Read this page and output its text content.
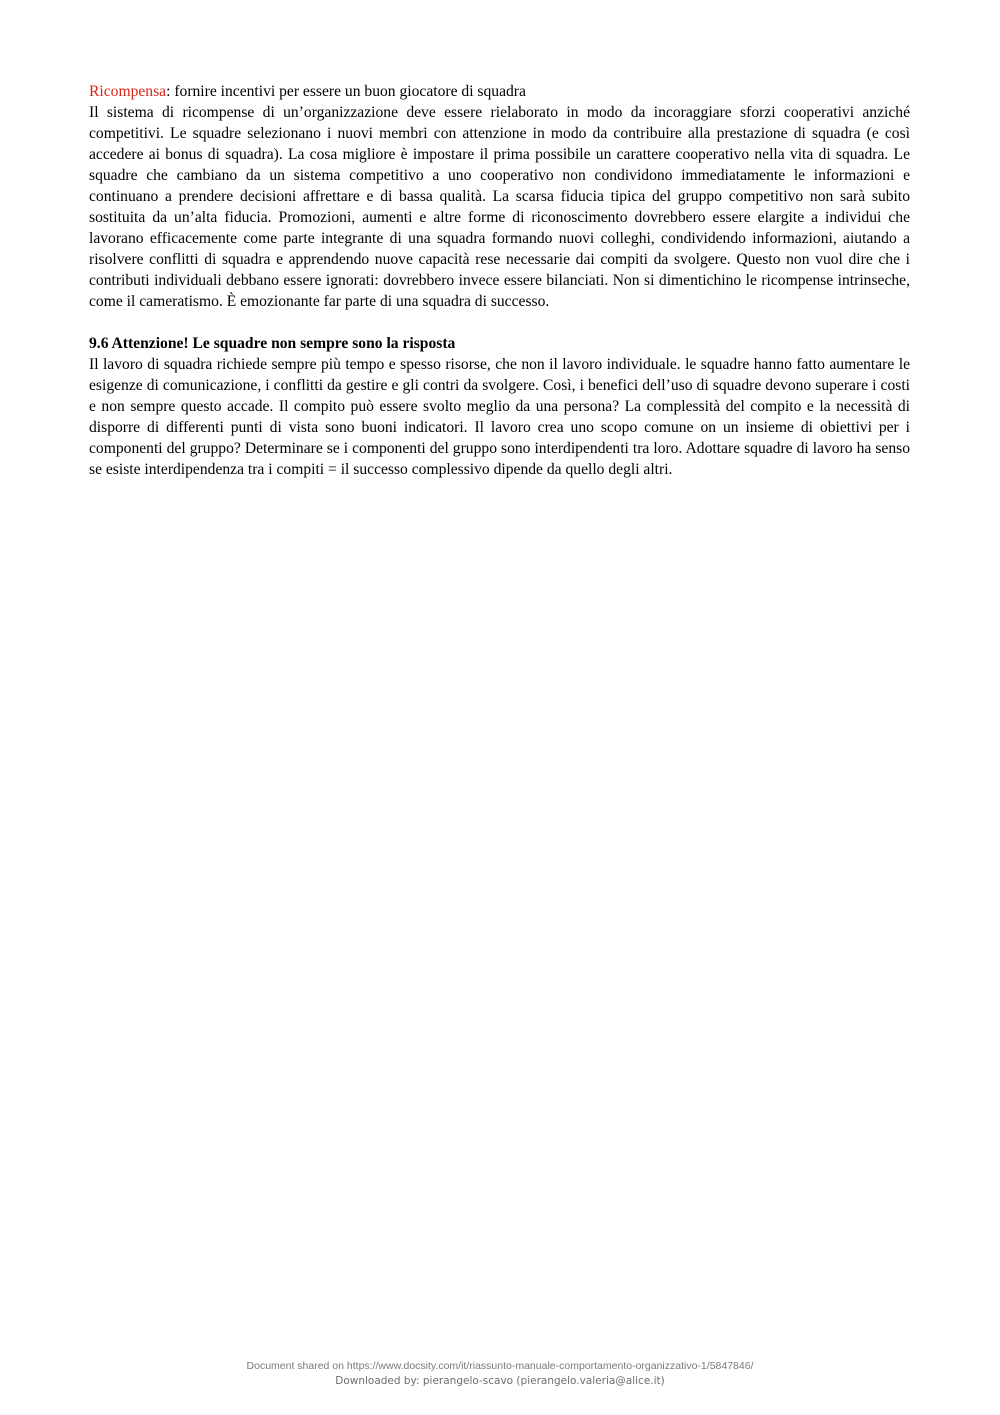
Ricompensa: fornire incentivi per essere un buon giocatore di squadra

Il sistema di ricompense di un’organizzazione deve essere rielaborato in modo da incoraggiare sforzi cooperativi anziché competitivi. Le squadre selezionano i nuovi membri con attenzione in modo da contribuire alla prestazione di squadra (e così accedere ai bonus di squadra). La cosa migliore è impostare il prima possibile un carattere cooperativo nella vita di squadra. Le squadre che cambiano da un sistema competitivo a uno cooperativo non condividono immediatamente le informazioni e continuano a prendere decisioni affrettare e di bassa qualità. La scarsa fiducia tipica del gruppo competitivo non sarà subito sostituita da un’alta fiducia. Promozioni, aumenti e altre forme di riconoscimento dovrebbero essere elargite a individui che lavorano efficacemente come parte integrante di una squadra formando nuovi colleghi, condividendo informazioni, aiutando a risolvere conflitti di squadra e apprendendo nuove capacità rese necessarie dai compiti da svolgere. Questo non vuol dire che i contributi individuali debbano essere ignorati: dovrebbero invece essere bilanciati. Non si dimentichino le ricompense intrinseche, come il cameratismo. È emozionante far parte di una squadra di successo.

9.6 Attenzione! Le squadre non sempre sono la risposta

Il lavoro di squadra richiede sempre più tempo e spesso risorse, che non il lavoro individuale. le squadre hanno fatto aumentare le esigenze di comunicazione, i conflitti da gestire e gli contri da svolgere. Così, i benefici dell’uso di squadre devono superare i costi e non sempre questo accade. Il compito può essere svolto meglio da una persona? La complessità del compito e la necessità di disporre di differenti punti di vista sono buoni indicatori. Il lavoro crea uno scopo comune on un insieme di obiettivi per i componenti del gruppo? Determinare se i componenti del gruppo sono interdipendenti tra loro. Adottare squadre di lavoro ha senso se esiste interdipendenza tra i compiti = il successo complessivo dipende da quello degli altri.

Document shared on https://www.docsity.com/it/riassunto-manuale-comportamento-organizzativo-1/5847846/
Downloaded by: pierangelo-scavo (pierangelo.valeria@alice.it)
